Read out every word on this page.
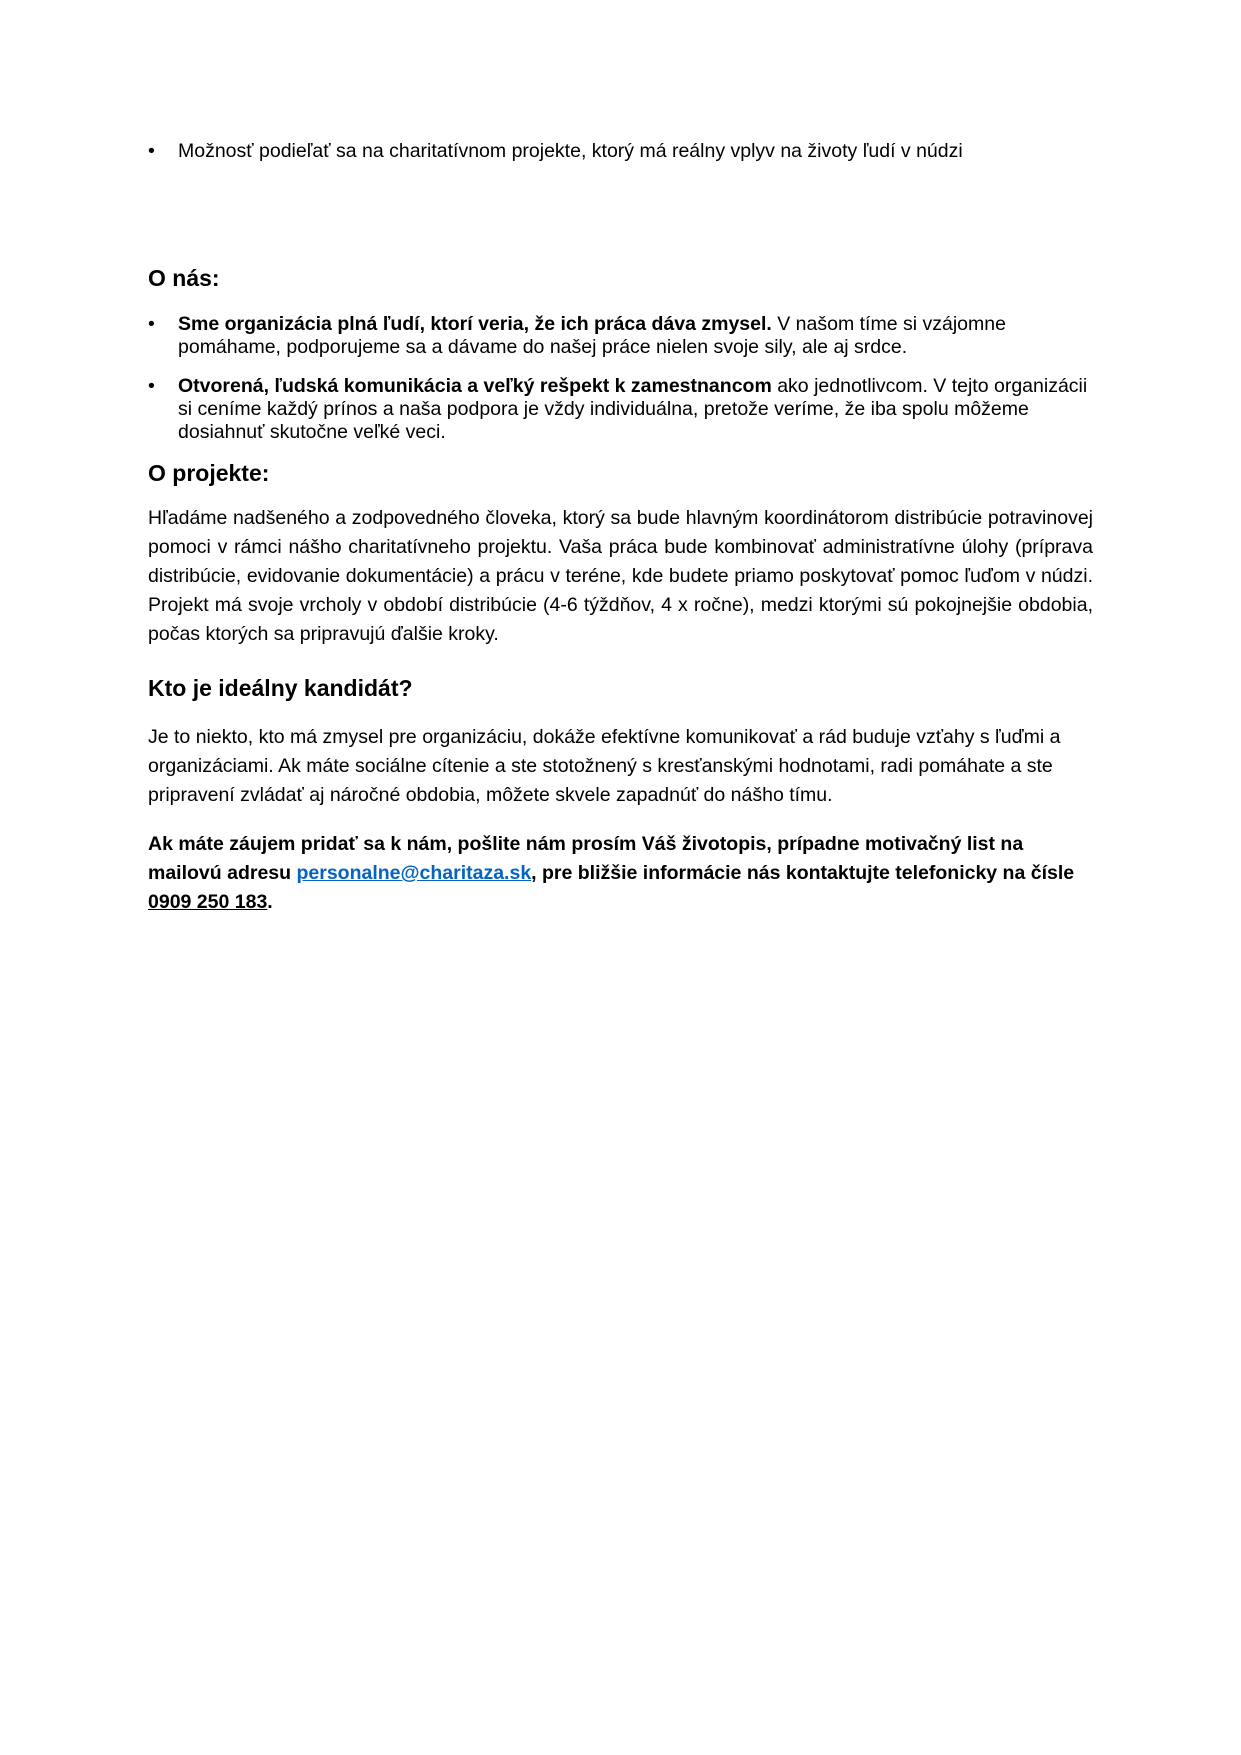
•	Možnosť podieľať sa na charitatívnom projekte, ktorý má reálny vplyv na životy ľudí v núdzi
O nás:
•	Sme organizácia plná ľudí, ktorí veria, že ich práca dáva zmysel. V našom tíme si vzájomne pomáhame, podporujeme sa a dávame do našej práce nielen svoje sily, ale aj srdce.
•	Otvorená, ľudská komunikácia a veľký rešpekt k zamestnancom ako jednotlivcom. V tejto organizácii si ceníme každý prínos a naša podpora je vždy individuálna, pretože veríme, že iba spolu môžeme dosiahnuť skutočne veľké veci.
O projekte:

Hľadáme nadšeného a zodpovedného človeka, ktorý sa bude hlavným koordinátorom distribúcie potravinovej pomoci v rámci nášho charitatívneho projektu. Vaša práca bude kombinovať administratívne úlohy (príprava distribúcie, evidovanie dokumentácie) a prácu v teréne, kde budete priamo poskytovať pomoc ľuďom v núdzi. Projekt má svoje vrcholy v období distribúcie (4-6 týždňov, 4 x ročne), medzi ktorými sú pokojnejšie obdobia, počas ktorých sa pripravujú ďalšie kroky.

Kto je ideálny kandidát?

Je to niekto, kto má zmysel pre organizáciu, dokáže efektívne komunikovať a rád buduje vzťahy s ľuďmi a organizáciami. Ak máte sociálne cítenie a ste stotožnený s kresťanskými hodnotami, radi pomáhate a ste pripravení zvládať aj náročné obdobia, môžete skvele zapadnúť do nášho tímu.

Ak máte záujem pridať sa k nám, pošlite nám prosím Váš životopis, prípadne motivačný list na mailovú adresu personalne@charitaza.sk, pre bližšie informácie nás kontaktujte telefonicky na čísle 0909 250 183.
